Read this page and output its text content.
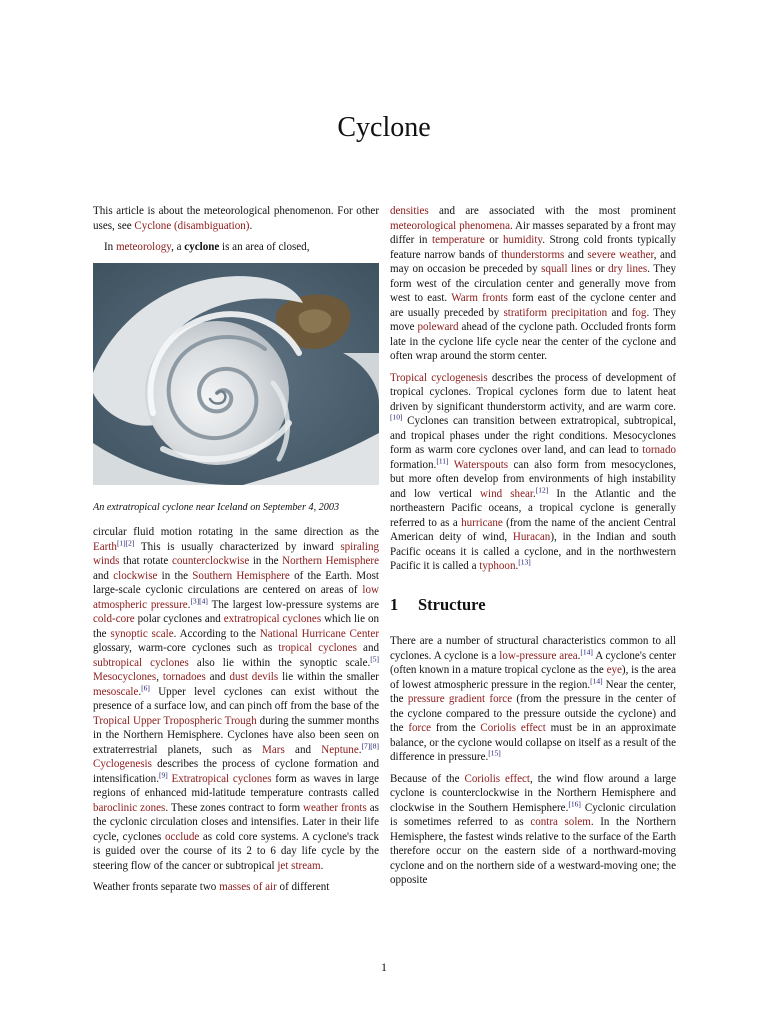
Cyclone

This article is about the meteorological phenomenon. For other uses, see Cyclone (disambiguation).

In meteorology, a cyclone is an area of closed,

An extratropical cyclone near Iceland on September 4, 2003

circular fluid motion rotating in the same direction as the Earth[1][2] This is usually characterized by inward spiraling winds that rotate counterclockwise in the Northern Hemisphere and clockwise in the Southern Hemisphere of the Earth. Most large-scale cyclonic circulations are centered on areas of low atmospheric pressure.[3][4] The largest low-pressure systems are cold-core polar cyclones and extratropical cyclones which lie on the synoptic scale. According to the National Hurricane Center glossary, warm-core cyclones such as tropical cyclones and subtropical cyclones also lie within the synoptic scale.[5] Mesocyclones, tornadoes and dust devils lie within the smaller mesoscale.[6] Upper level cyclones can exist without the presence of a surface low, and can pinch off from the base of the Tropical Upper Tropospheric Trough during the summer months in the Northern Hemisphere. Cyclones have also been seen on extraterrestrial planets, such as Mars and Neptune.[7][8] Cyclogenesis describes the process of cyclone formation and intensification.[9] Extratropical cyclones form as waves in large regions of enhanced mid-latitude temperature contrasts called baroclinic zones. These zones contract to form weather fronts as the cyclonic circulation closes and intensifies. Later in their life cycle, cyclones occlude as cold core systems. A cyclone's track is guided over the course of its 2 to 6 day life cycle by the steering flow of the cancer or subtropical jet stream.

Weather fronts separate two masses of air of different

densities and are associated with the most prominent meteorological phenomena. Air masses separated by a front may differ in temperature or humidity. Strong cold fronts typically feature narrow bands of thunderstorms and severe weather, and may on occasion be preceded by squall lines or dry lines. They form west of the circulation center and generally move from west to east. Warm fronts form east of the cyclone center and are usually preceded by stratiform precipitation and fog. They move poleward ahead of the cyclone path. Occluded fronts form late in the cyclone life cycle near the center of the cyclone and often wrap around the storm center.

Tropical cyclogenesis describes the process of development of tropical cyclones. Tropical cyclones form due to latent heat driven by significant thunderstorm activity, and are warm core.[10] Cyclones can transition between extratropical, subtropical, and tropical phases under the right conditions. Mesocyclones form as warm core cyclones over land, and can lead to tornado formation.[11] Waterspouts can also form from mesocyclones, but more often develop from environments of high instability and low vertical wind shear.[12] In the Atlantic and the northeastern Pacific oceans, a tropical cyclone is generally referred to as a hurricane (from the name of the ancient Central American deity of wind, Huracan), in the Indian and south Pacific oceans it is called a cyclone, and in the northwestern Pacific it is called a typhoon.[13]

1 Structure

There are a number of structural characteristics common to all cyclones. A cyclone is a low-pressure area.[14] A cyclone's center (often known in a mature tropical cyclone as the eye), is the area of lowest atmospheric pressure in the region.[14] Near the center, the pressure gradient force (from the pressure in the center of the cyclone compared to the pressure outside the cyclone) and the force from the Coriolis effect must be in an approximate balance, or the cyclone would collapse on itself as a result of the difference in pressure.[15]

Because of the Coriolis effect, the wind flow around a large cyclone is counterclockwise in the Northern Hemisphere and clockwise in the Southern Hemisphere.[16] Cyclonic circulation is sometimes referred to as contra solem. In the Northern Hemisphere, the fastest winds relative to the surface of the Earth therefore occur on the eastern side of a northward-moving cyclone and on the northern side of a westward-moving one; the opposite

1
